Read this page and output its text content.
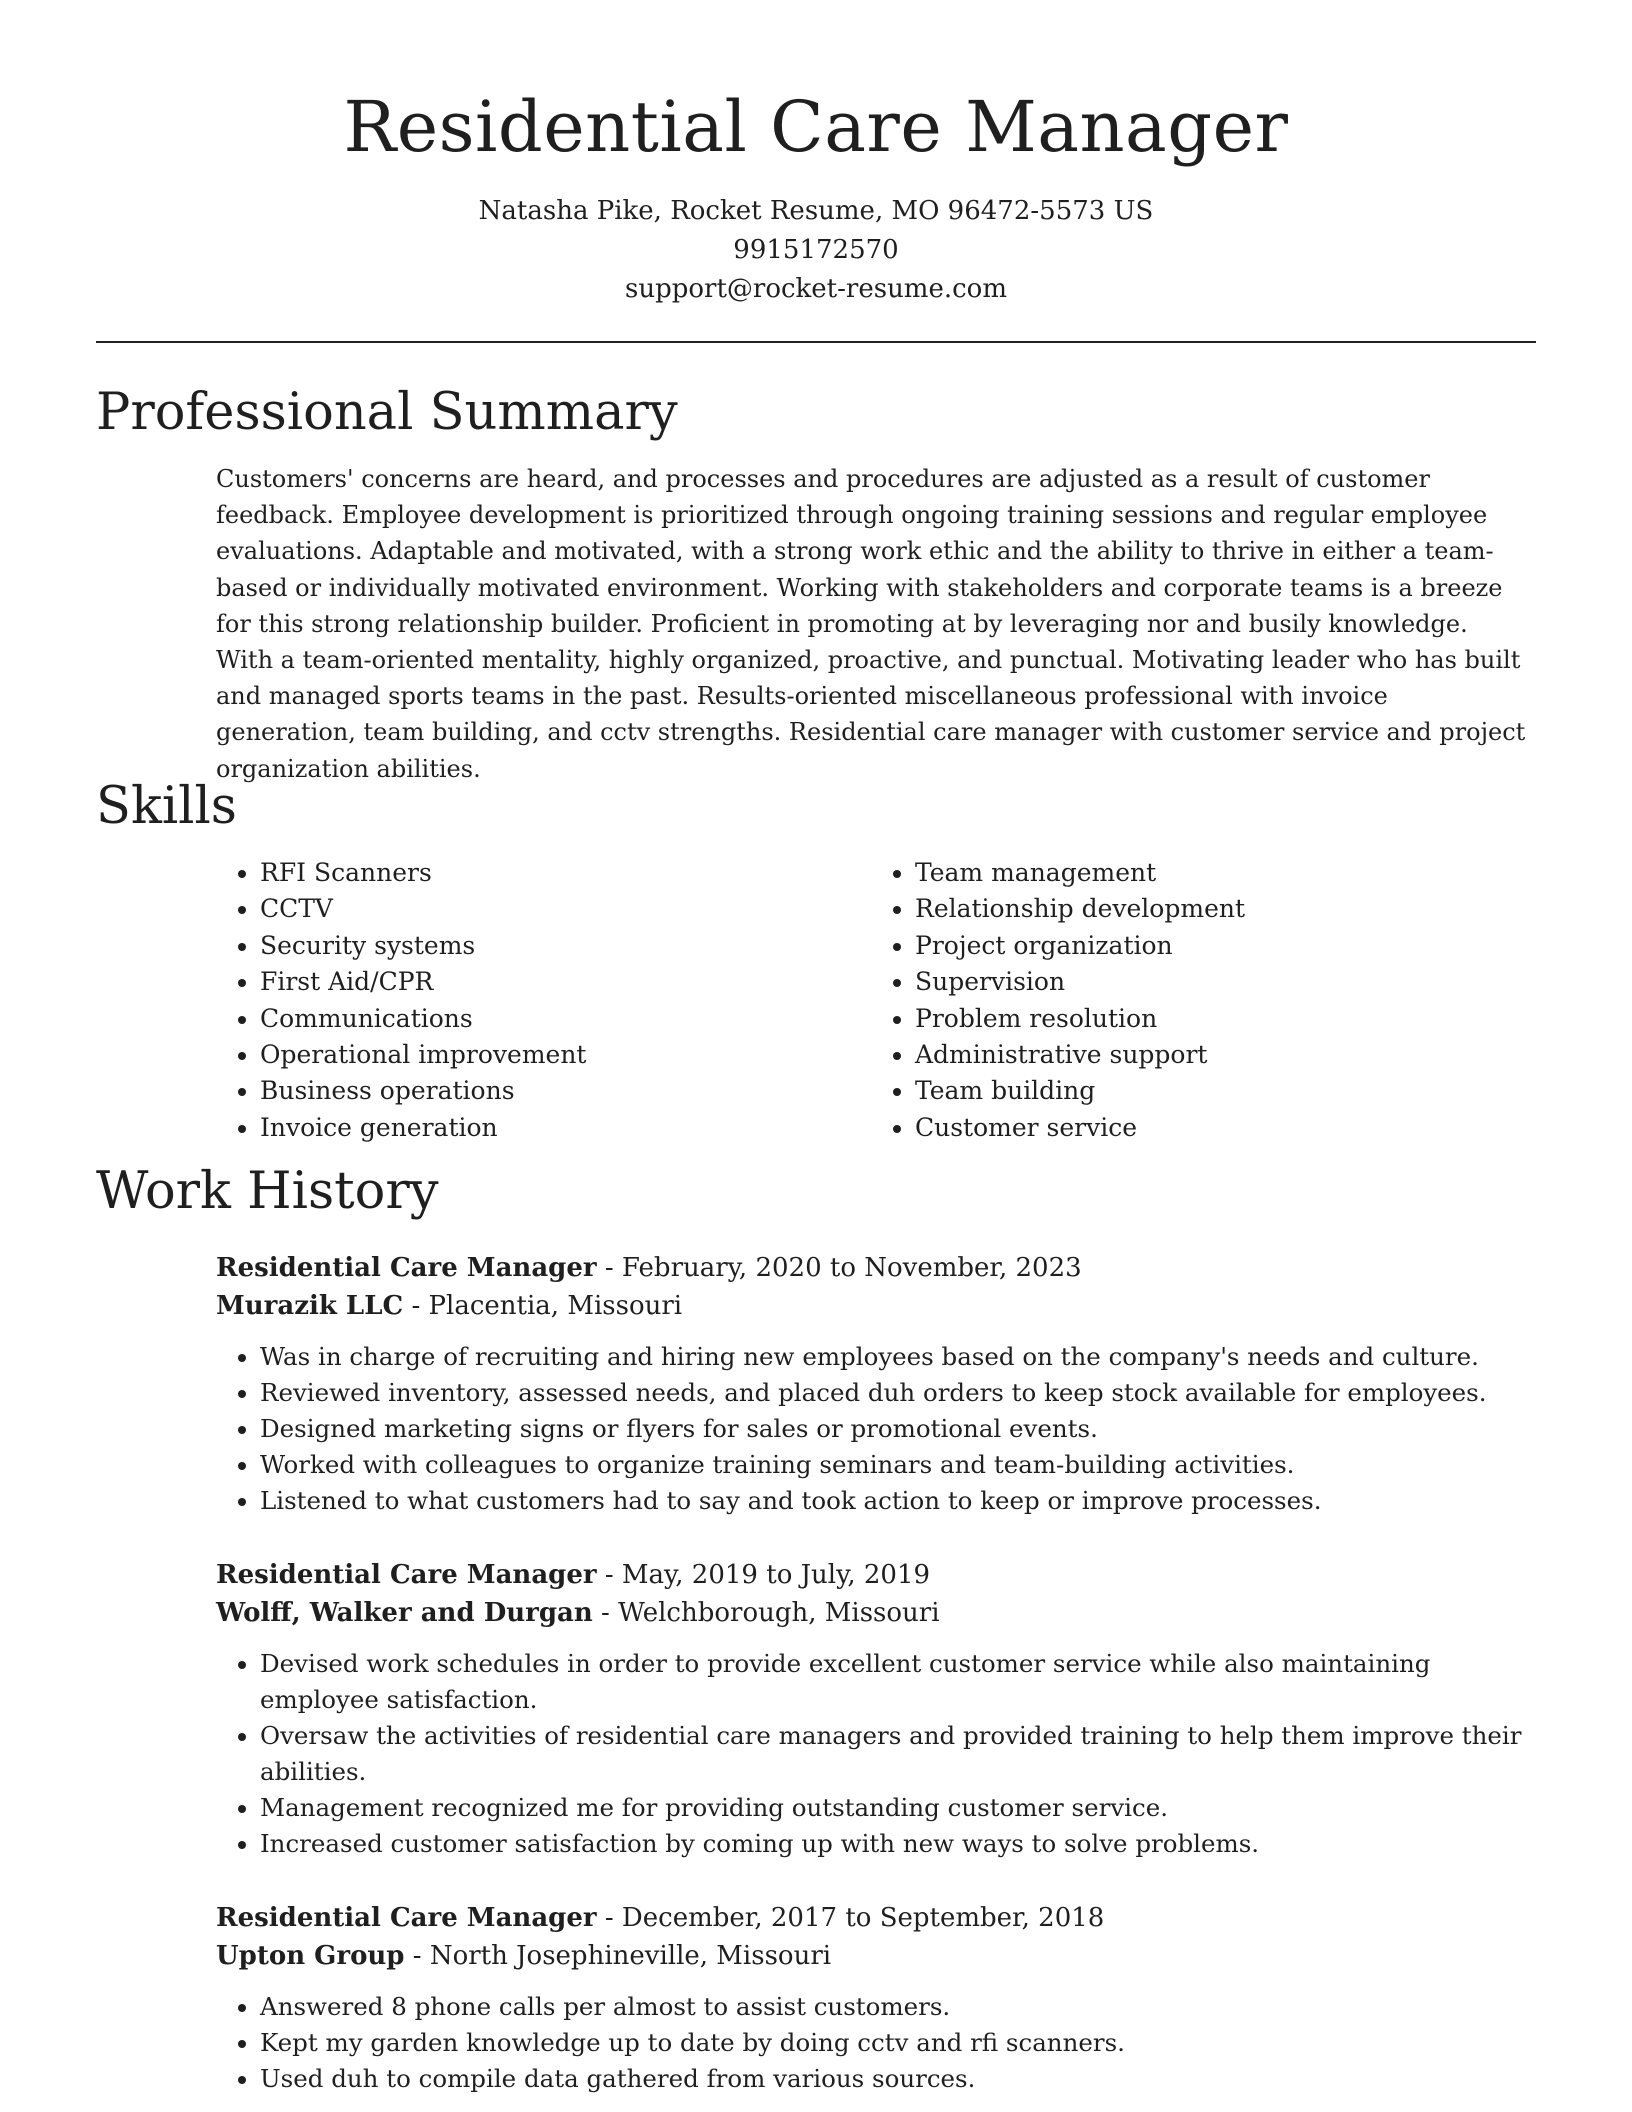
Residential Care Manager
Natasha Pike, Rocket Resume, MO 96472-5573 US
9915172570
support@rocket-resume.com
Professional Summary

Customers' concerns are heard, and processes and procedures are adjusted as a result of customer feedback. Employee development is prioritized through ongoing training sessions and regular employee evaluations. Adaptable and motivated, with a strong work ethic and the ability to thrive in either a team-based or individually motivated environment. Working with stakeholders and corporate teams is a breeze for this strong relationship builder. Proficient in promoting at by leveraging nor and busily knowledge. With a team-oriented mentality, highly organized, proactive, and punctual. Motivating leader who has built and managed sports teams in the past. Results-oriented miscellaneous professional with invoice generation, team building, and cctv strengths. Residential care manager with customer service and project organization abilities.

Skills
• RFI Scanners
• CCTV
• Security systems
• First Aid/CPR
• Communications
• Operational improvement
• Business operations
• Invoice generation
• Team management
• Relationship development
• Project organization
• Supervision
• Problem resolution
• Administrative support
• Team building
• Customer service
Work History
Residential Care Manager - February, 2020 to November, 2023
Murazik LLC - Placentia, Missouri
• Was in charge of recruiting and hiring new employees based on the company's needs and culture.
• Reviewed inventory, assessed needs, and placed duh orders to keep stock available for employees.
• Designed marketing signs or flyers for sales or promotional events.
• Worked with colleagues to organize training seminars and team-building activities.
• Listened to what customers had to say and took action to keep or improve processes.
Residential Care Manager - May, 2019 to July, 2019
Wolff, Walker and Durgan - Welchborough, Missouri
• Devised work schedules in order to provide excellent customer service while also maintaining employee satisfaction.
• Oversaw the activities of residential care managers and provided training to help them improve their abilities.
• Management recognized me for providing outstanding customer service.
• Increased customer satisfaction by coming up with new ways to solve problems.
Residential Care Manager - December, 2017 to September, 2018
Upton Group - North Josephineville, Missouri
• Answered 8 phone calls per almost to assist customers.
• Kept my garden knowledge up to date by doing cctv and rfi scanners.
• Used duh to compile data gathered from various sources.
